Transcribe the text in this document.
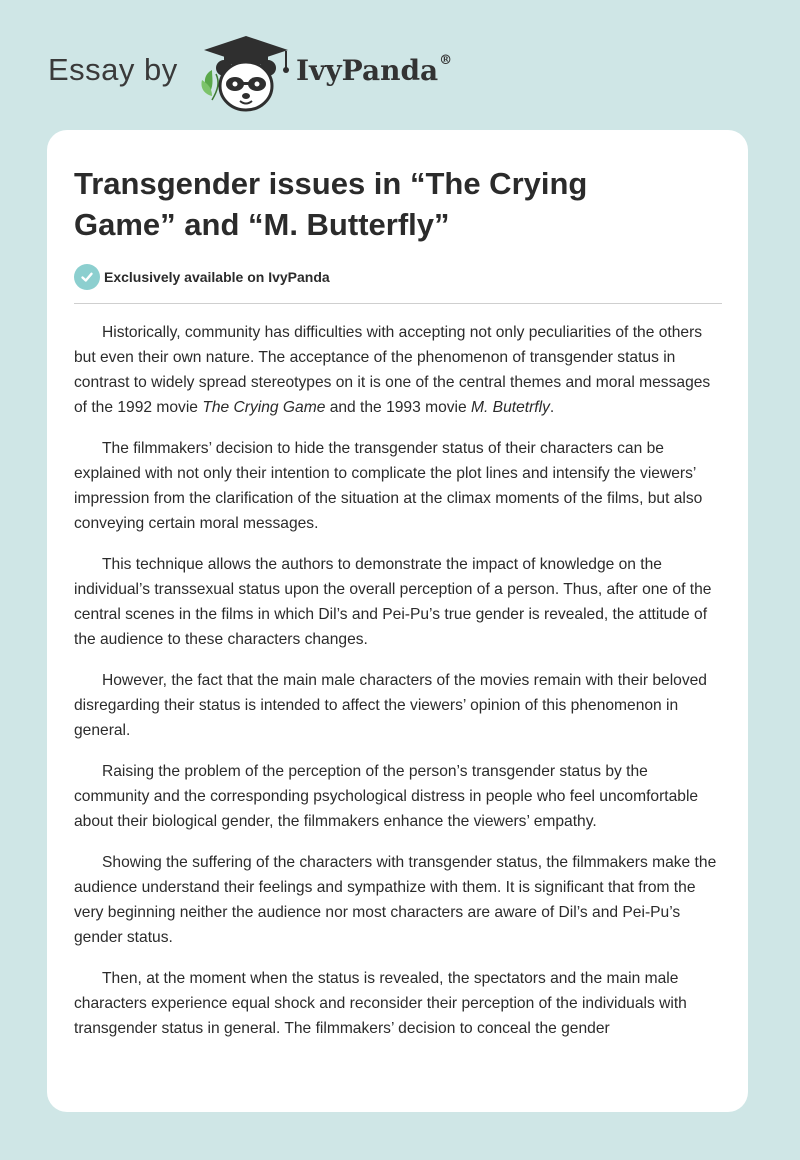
Essay by	IvyPanda®
Transgender issues in “The Crying Game” and “M. Butterfly”
Exclusively available on IvyPanda

Historically, community has difficulties with accepting not only peculiarities of the others but even their own nature. The acceptance of the phenomenon of transgender status in contrast to widely spread stereotypes on it is one of the central themes and moral messages of the 1992 movie The Crying Game and the 1993 movie M. Butetrfly.

The filmmakers’ decision to hide the transgender status of their characters can be explained with not only their intention to complicate the plot lines and intensify the viewers’ impression from the clarification of the situation at the climax moments of the films, but also conveying certain moral messages.

This technique allows the authors to demonstrate the impact of knowledge on the individual’s transsexual status upon the overall perception of a person. Thus, after one of the central scenes in the films in which Dil’s and Pei-Pu’s true gender is revealed, the attitude of the audience to these characters changes.

However, the fact that the main male characters of the movies remain with their beloved disregarding their status is intended to affect the viewers’ opinion of this phenomenon in general.

Raising the problem of the perception of the person’s transgender status by the community and the corresponding psychological distress in people who feel uncomfortable about their biological gender, the filmmakers enhance the viewers’ empathy.

Showing the suffering of the characters with transgender status, the filmmakers make the audience understand their feelings and sympathize with them. It is significant that from the very beginning neither the audience nor most characters are aware of Dil’s and Pei-Pu’s gender status.

Then, at the moment when the status is revealed, the spectators and the main male characters experience equal shock and reconsider their perception of the individuals with transgender status in general. The filmmakers’ decision to conceal the gender
